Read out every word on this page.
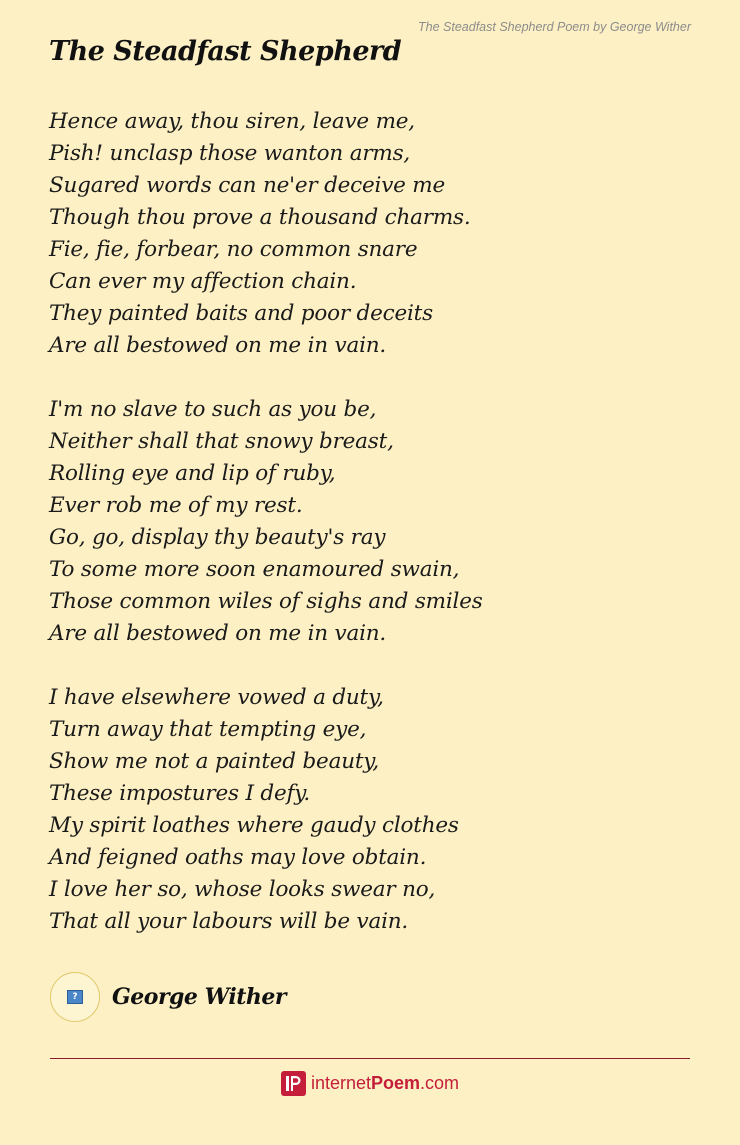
The Steadfast Shepherd Poem by George Wither
The Steadfast Shepherd
Hence away, thou siren, leave me,
Pish! unclasp those wanton arms,
Sugared words can ne'er deceive me
Though thou prove a thousand charms.
Fie, fie, forbear, no common snare
Can ever my affection chain.
They painted baits and poor deceits
Are all bestowed on me in vain.
I'm no slave to such as you be,
Neither shall that snowy breast,
Rolling eye and lip of ruby,
Ever rob me of my rest.
Go, go, display thy beauty's ray
To some more soon enamoured swain,
Those common wiles of sighs and smiles
Are all bestowed on me in vain.
I have elsewhere vowed a duty,
Turn away that tempting eye,
Show me not a painted beauty,
These impostures I defy.
My spirit loathes where gaudy clothes
And feigned oaths may love obtain.
I love her so, whose looks swear no,
That all your labours will be vain.
? George Wither
internetPoem.com
